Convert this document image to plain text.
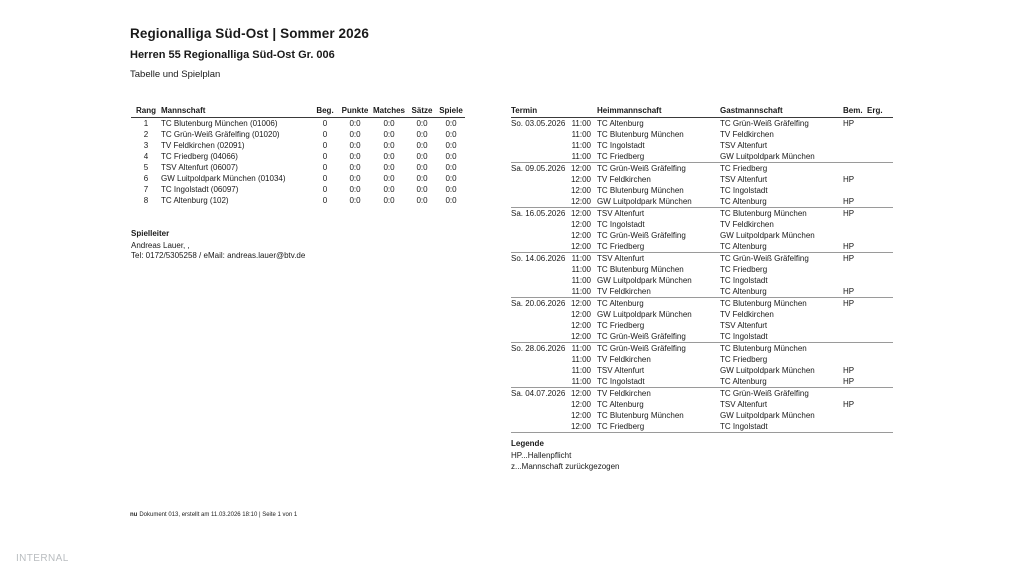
Regionalliga Süd-Ost | Sommer 2026
Herren 55 Regionalliga Süd-Ost Gr. 006
Tabelle und Spielplan
Rang	Mannschaft	Beg.	Punkte	Matches	Sätze	Spiele
1	TC Blutenburg München (01006)	0	0:0	0:0	0:0	0:0
2	TC Grün-Weiß Gräfelfing (01020)	0	0:0	0:0	0:0	0:0
3	TV Feldkirchen (02091)	0	0:0	0:0	0:0	0:0
4	TC Friedberg (04066)	0	0:0	0:0	0:0	0:0
5	TSV Altenfurt (06007)	0	0:0	0:0	0:0	0:0
6	GW Luitpoldpark München (01034)	0	0:0	0:0	0:0	0:0
7	TC Ingolstadt (06097)	0	0:0	0:0	0:0	0:0
8	TC Altenburg (102)	0	0:0	0:0	0:0	0:0
Spielleiter
Andreas Lauer, ,
Tel: 0172/5305258 / eMail: andreas.lauer@btv.de
Termin		Heimmannschaft	Gastmannschaft	Bem.	Erg.
So. 03.05.2026	11:00	TC Altenburg	TC Grün-Weiß Gräfelfing	HP	
	11:00	TC Blutenburg München	TV Feldkirchen		
	11:00	TC Ingolstadt	TSV Altenfurt		
	11:00	TC Friedberg	GW Luitpoldpark München		
Sa. 09.05.2026	12:00	TC Grün-Weiß Gräfelfing	TC Friedberg		
	12:00	TV Feldkirchen	TSV Altenfurt	HP	
	12:00	TC Blutenburg München	TC Ingolstadt		
	12:00	GW Luitpoldpark München	TC Altenburg	HP	
Sa. 16.05.2026	12:00	TSV Altenfurt	TC Blutenburg München	HP	
	12:00	TC Ingolstadt	TV Feldkirchen		
	12:00	TC Grün-Weiß Gräfelfing	GW Luitpoldpark München		
	12:00	TC Friedberg	TC Altenburg	HP	
So. 14.06.2026	11:00	TSV Altenfurt	TC Grün-Weiß Gräfelfing	HP	
	11:00	TC Blutenburg München	TC Friedberg		
	11:00	GW Luitpoldpark München	TC Ingolstadt		
	11:00	TV Feldkirchen	TC Altenburg	HP	
Sa. 20.06.2026	12:00	TC Altenburg	TC Blutenburg München	HP	
	12:00	GW Luitpoldpark München	TV Feldkirchen		
	12:00	TC Friedberg	TSV Altenfurt		
	12:00	TC Grün-Weiß Gräfelfing	TC Ingolstadt		
So. 28.06.2026	11:00	TC Grün-Weiß Gräfelfing	TC Blutenburg München		
	11:00	TV Feldkirchen	TC Friedberg		
	11:00	TSV Altenfurt	GW Luitpoldpark München	HP	
	11:00	TC Ingolstadt	TC Altenburg	HP	
Sa. 04.07.2026	12:00	TV Feldkirchen	TC Grün-Weiß Gräfelfing		
	12:00	TC Altenburg	TSV Altenfurt	HP	
	12:00	TC Blutenburg München	GW Luitpoldpark München		
	12:00	TC Friedberg	TC Ingolstadt		
Legende
HP...Hallenpflicht
z...Mannschaft zurückgezogen
nu Dokument 013, erstellt am 11.03.2026 18:10 | Seite 1 von 1
INTERNAL
